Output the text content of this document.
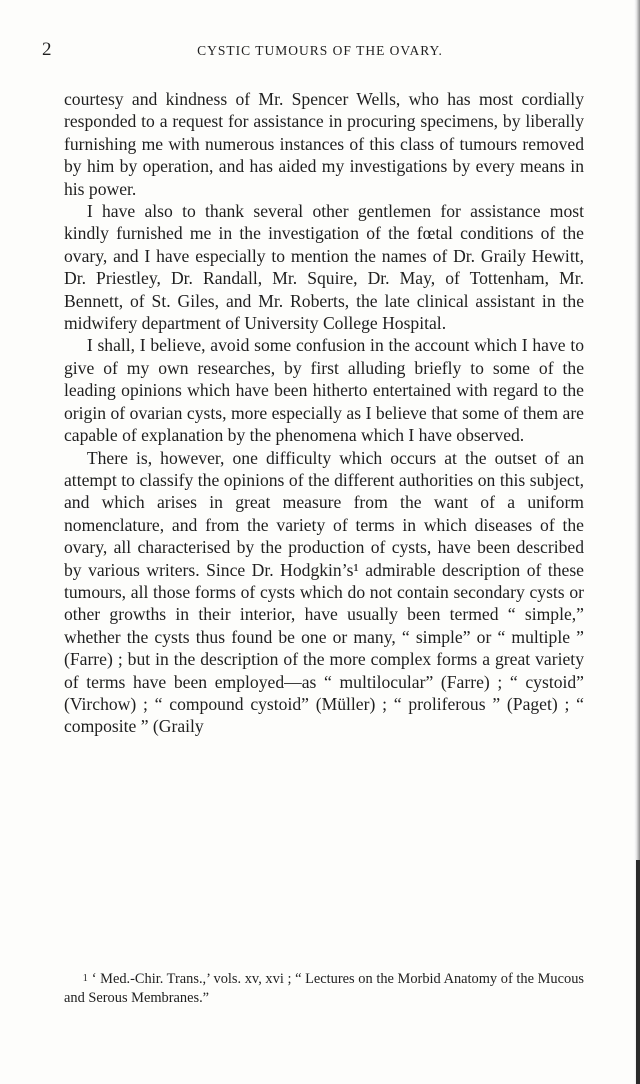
2	CYSTIC TUMOURS OF THE OVARY.

courtesy and kindness of Mr. Spencer Wells, who has most cordially responded to a request for assistance in procuring specimens, by liberally furnishing me with numerous instances of this class of tumours removed by him by operation, and has aided my investigations by every means in his power.

I have also to thank several other gentlemen for assistance most kindly furnished me in the investigation of the fœtal conditions of the ovary, and I have especially to mention the names of Dr. Graily Hewitt, Dr. Priestley, Dr. Randall, Mr. Squire, Dr. May, of Tottenham, Mr. Bennett, of St. Giles, and Mr. Roberts, the late clinical assistant in the midwifery department of University College Hospital.

I shall, I believe, avoid some confusion in the account which I have to give of my own researches, by first alluding briefly to some of the leading opinions which have been hitherto entertained with regard to the origin of ovarian cysts, more especially as I believe that some of them are capable of explanation by the phenomena which I have observed.

There is, however, one difficulty which occurs at the outset of an attempt to classify the opinions of the different authorities on this subject, and which arises in great measure from the want of a uniform nomenclature, and from the variety of terms in which diseases of the ovary, all characterised by the production of cysts, have been described by various writers. Since Dr. Hodgkin’s¹ admirable description of these tumours, all those forms of cysts which do not contain secondary cysts or other growths in their interior, have usually been termed “ simple,” whether the cysts thus found be one or many, “ simple” or “ multiple ” (Farre) ; but in the description of the more complex forms a great variety of terms have been employed—as “ multilocular” (Farre) ; “ cystoid” (Virchow) ; “ compound cystoid” (Müller) ; “ proliferous ” (Paget) ; “ composite ” (Graily

$^1$ ‘ Med.-Chir. Trans.,’ vols. xv, xvi ; “ Lectures on the Morbid Anatomy of the Mucous and Serous Membranes.”
